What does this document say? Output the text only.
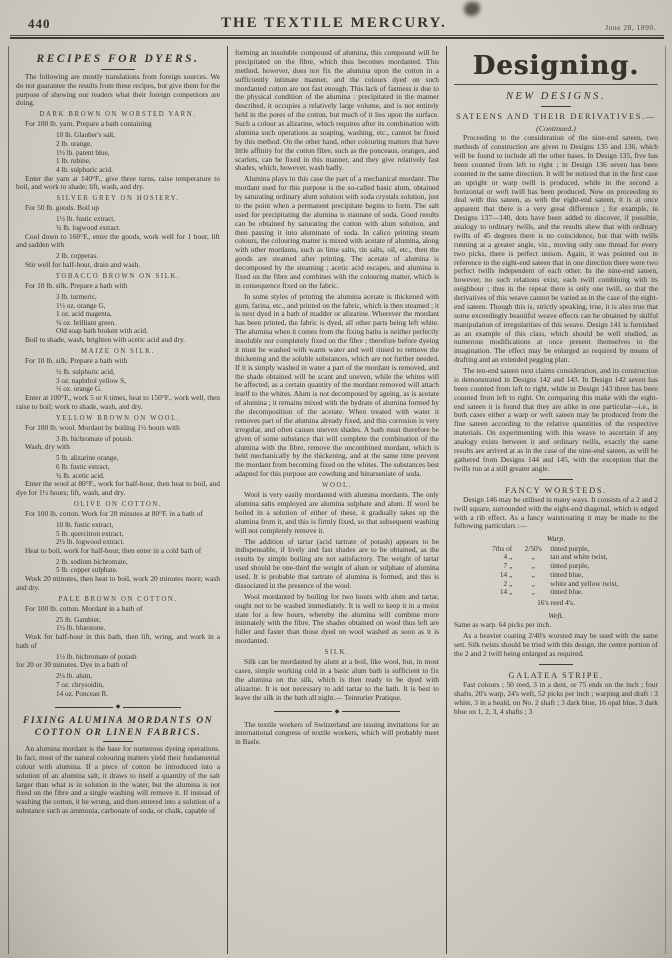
440	THE TEXTILE MERCURY.	June 28, 1890.
RECIPES FOR DYERS.

The following are mostly translations from foreign sources. We do not guarantee the results from these recipes, but give them for the purpose of shewing our readers what their foreign competitors are doing.

DARK BROWN ON WORSTED YARN.

For 100 lb. yarn. Prepare a bath containing

10 lb. Glauber's salt,
2 lb. orange,
1½ lb. patent blue,
1 lb. rubine,
4 lb. sulphuric acid.

Enter the yarn at 140°F., give three turns, raise temperature to boil, and work to shade; lift, wash, and dry.

SILVER GREY ON HOSIERY.

For 50 lb. goods. Boil up

1½ lb. fustic extract,
¾ lb. logwood extract.

Cool down to 160°F., enter the goods, work well for 1 hour, lift and sadden with

2 lb. copperas.

Stir well for half-hour, drain and wash.

TOBACCO BROWN ON SILK.

For 10 lb. silk. Prepare a bath with

3 lb. turmeric,
1½ oz. orange G,
1 oz. acid magenta,
¾ oz. brilliant green.
Old soap bath broken with acid.

Boil to shade, wash, brighten with acetic acid and dry.

MAIZE ON SILK.

For 10 lb. silk. Prepare a bath with

½ lb. sulphuric acid,
3 oz. naphthol yellow S,
½ oz. orange G.

Enter at 100°F., work 5 or 6 times, heat to 150°F., work well, then raise to boil; work to shade, wash, and dry.

YELLOW BROWN ON WOOL.

For 100 lb. wool. Mordant by boiling 1½ hours with

3 lb. bichromate of potash.

Wash, dry with

5 lb. alizarine orange,
6 lb. fustic extract,
¾ lb. acetic acid.

Enter the wool at 80°F., work for half-hour, then heat to boil, and dye for 1½ hours; lift, wash, and dry.

OLIVE ON COTTON.

For 100 lb. cotton. Work for 20 minutes at 80°F. in a bath of

10 lb. fustic extract,
5 lb. quercitron extract,
2½ lb. logwood extract.

Heat to boil, work for half-hour, then enter in a cold bath of

2 lb. sodium bichromate,
5 lb. copper sulphate.

Work 20 minutes, then heat to boil, work 20 minutes more; wash and dry.

PALE BROWN ON COTTON.

For 100 lb. cotton. Mordant in a bath of

25 lb. Gambier,
1½ lb. bluestone.

Work for half-hour in this bath, then lift, wring, and work in a bath of

1½ lb. bichromate of potash

for 20 or 30 minutes. Dye in a bath of

2¼ lb. alum,
7 oz. chrysoidin,
14 oz. Ponceau R.
◆
FIXING ALUMINA MORDANTS ON COTTON OR LINEN FABRICS.

An alumina mordant is the base for numerous dyeing operations. In fact, most of the natural colouring matters yield their fundamental colour with alumina. If a piece of cotton be introduced into a solution of an alumina salt, it draws to itself a quantity of the salt larger than what is in solution in the water, but the alumina is not fixed on the fibre and a single washing will remove it. If instead of washing the cotton, it be wrung, and then entered into a solution of a substance such as ammonia, carbonate of soda, or chalk, capable of

forming an insoluble compound of alumina, this compound will be precipitated on the fibre, which thus becomes mordanted. This method, however, does not fix the alumina upon the cotton in a sufficiently intimate manner, and the colours dyed on such mordanted cotton are not fast enough. This lack of fastness is due to the physical condition of the alumina : precipitated in the manner described, it occupies a relatively large volume, and is not entirely held in the pores of the cotton, but much of it lies upon the surface. Such a colour as alizarine, which requires after its combination with alumina such operations as soaping, washing, etc., cannot be fixed by this method. On the other hand, other colouring matters that have little affinity for the cotton fibre, such as the ponceaus, oranges, and scarlets, can be fixed in this manner, and they give relatively fast shades, which, however, wash badly.

Alumina plays in this case the part of a mechanical mordant. The mordant used for this purpose is the so-called basic alum, obtained by saturating ordinary alum solution with soda crystals solution, just to the point when a permanent precipitate begins to form. The salt used for precipitating the alumina is stannate of soda. Good results can be obtained by saturating the cotton with alum solution, and then passing it into aluminate of soda. In calico printing steam colours, the colouring matter is mixed with acetate of alumina, along with other mordants, such as lime salts, tin salts, oil, etc., then the goods are steamed after printing. The acetate of alumina is decomposed by the steaming ; acetic acid escapes, and alumina is fixed on the fibre and combines with the colouring matter, which is in consequence fixed on the fabric.

In some styles of printing the alumina acetate is thickened with gum, farina, etc., and printed on the fabric, which is then steamed ; it is next dyed in a bath of madder or alizarine. Wherever the mordant has been printed, the fabric is dyed, all other parts being left white. The alumina when it comes from the fixing baths is neither perfectly insoluble nor completely fixed on the fibre ; therefore before dyeing it must be washed with warm water and well rinsed to remove the thickening and the soluble substances, which are not further needed. If it is simply washed in water a part of the mordant is removed, and the shade obtained will be scant and uneven, while the whites will be affected, as a certain quantity of the mordant removed will attach itself to the whites. Alum is not decomposed by ageing, as is acetate of alumina ; it remains mixed with the hydrate of alumina formed by the decomposition of the acetate. When treated with water it removes part of the alumina already fixed, and this corrosion is very irregular, and often causes uneven shades. A bath must therefore be given of some substance that will complete the combination of the alumina with the fibre, remove the uncombined mordant, which is held mechanically by the thickening, and at the same time prevent the mordant from becoming fixed on the whites. The substances best adapted for this purpose are cowdung and binarseniate of soda.

WOOL.

Wool is very easily mordanted with alumina mordants. The only alumina salts employed are alumina sulphate and alum. If wool be boiled in a solution of either of these, it gradually takes up the alumina from it, and this is firmly fixed, so that subsequent washing will not completely remove it.

The addition of tartar (acid tartrate of potash) appears to be indispensable, if lively and fast shades are to be obtained, as the results by simple boiling are not satisfactory. The weight of tartar used should be one-third the weight of alum or sulphate of alumina used. It is probable that tartrate of alumina is formed, and this is dissociated in the presence of the wool.

Wool mordanted by boiling for two hours with alum and tartar, ought not to be washed immediately. It is well to keep it in a moist state for a few hours, whereby the alumina will combine more intimately with the fibre. The shades obtained on wool thus left are fuller and faster than those dyed on wool washed as soon as it is mordanted.

SILK.

Silk can be mordanted by alum at a boil, like wool, but, in most cases, simple working cold in a basic alum bath is sufficient to fix the alumina on the silk, which is then ready to be dyed with alizarine. It is not necessary to add tartar to the bath. It is best to leave the silk in the bath all night.— Teinturier Pratique.

◆

The textile workers of Switzerland are issuing invitations for an international congress of textile workers, which will probably meet in Basle.

Designing.
NEW DESIGNS.
SATEENS AND THEIR DERIVATIVES.—
(Continued.)

Proceeding to the consideration of the nine-end sateen, two methods of construction are given in Designs 135 and 136, which will be found to include all the other bases. In Design 135, five has been counted from left to right ; in Design 136 seven has been counted in the same direction. It will be noticed that in the first case an upright or warp twill is produced, while in the second a horizontal or weft twill has been produced. Now on proceeding to deal with this sateen, as with the eight-end sateen, it is at once apparent that there is a very great difference ; for example, in Designs 137—140, dots have been added to discover, if possible, analogy to ordinary twills, and the results shew that with ordinary twills of 45 degrees there is no coincidence, but that with twills running at a greater angle, viz., moving only one thread for every two picks, there is perfect unison. Again, it was pointed out in reference to the eight-end sateen that in one direction there were two perfect twills independent of each other. In the nine-end sateen, however, no such relations exist, each twill combining with its neighbour ; thus in the repeat there is only one twill, so that the derivatives of this weave cannot be varied as in the case of the eight-end sateen. Though this is, strictly speaking, true, it is also true that some exceedingly beautiful weave effects can be obtained by skilful manipulation of irregularities of this weave. Design 141 is furnished as an example of this class, which should be well studied, as numerous modifications at once present themselves to the imagination. The effect may be enlarged as required by means of drafting and an extended pegging plan.

The ten-end sateen next claims consideration, and its construction is demonstrated in Designs 142 and 143. In Design 142 seven has been counted from left to right, while in Design 143 three has been counted from left to right. On comparing this make with the eight-end sateen it is found that they are alike in one particular—i.e., in both cases either a warp or weft sateen may be produced from the fine sateen according to the relative quantities of the respective materials. On experimenting with this weave to ascertain if any analogy exists between it and ordinary twills, exactly the same results are arrived at as in the case of the nine-end sateen, as will be gathered from Designs 144 and 145, with the exception that the twills run at a still greater angle.

FANCY WORSTEDS.

Design 146 may be utilised in many ways. It consists of a 2 and 2 twill square, surrounded with the eight-end diagonal, which is edged with a rib effect. As a fancy waistcoating it may be made to the following particulars :—

Warp.
7ths of	2/50's	tinted purple,
4 „	„	tan and white twist,
7 „	„	tinted purple,
14 „	„	tinted blue,
2 „	„	white and yellow twist,
14 „	„	tinted blue.
16's reed 4's.
Weft.

Same as warp. 64 picks per inch.

As a heavier coating 2/40's worsted may be used with the same sett. Silk twists should be tried with this design, the centre portion of the 2 and 2 twill being enlarged as required.

GALATEA STRIPE.

Fast colours ; 50 reed, 3 in a dent, or 75 ends on the inch ; four shafts, 20's warp, 24's weft, 52 picks per inch ; warping and draft : 3 white, 3 in a heald, on No. 2 shaft ; 3 dark blue, 16 opal blue, 3 dark blue on 1, 2, 3, 4 shafts ; 3
